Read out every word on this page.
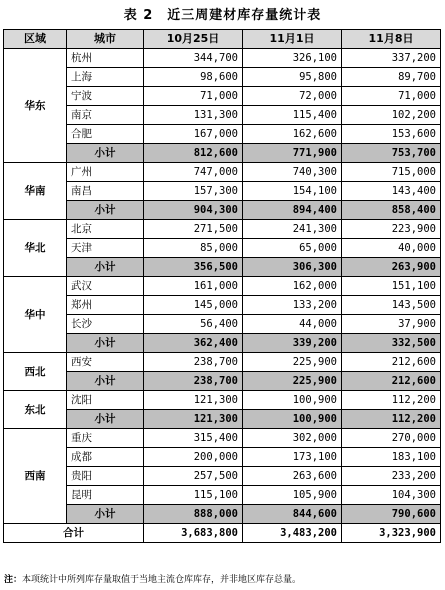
表 2　近三周建材库存量统计表
区域	城市	10月25日	11月1日	11月8日
华东	杭州	344,700	326,100	337,200
	上海	98,600	95,800	89,700
	宁波	71,000	72,000	71,000
	南京	131,300	115,400	102,200
	合肥	167,000	162,600	153,600
	小计	812,600	771,900	753,700
华南	广州	747,000	740,300	715,000
	南昌	157,300	154,100	143,400
	小计	904,300	894,400	858,400
华北	北京	271,500	241,300	223,900
	天津	85,000	65,000	40,000
	小计	356,500	306,300	263,900
华中	武汉	161,000	162,000	151,100
	郑州	145,000	133,200	143,500
	长沙	56,400	44,000	37,900
	小计	362,400	339,200	332,500
西北	西安	238,700	225,900	212,600
	小计	238,700	225,900	212,600
东北	沈阳	121,300	100,900	112,200
	小计	121,300	100,900	112,200
西南	重庆	315,400	302,000	270,000
	成都	200,000	173,100	183,100
	贵阳	257,500	263,600	233,200
	昆明	115,100	105,900	104,300
	小计	888,000	844,600	790,600
合计		3,683,800	3,483,200	3,323,900
注：本项统计中所列库存量取值于当地主流仓库库存，并非地区库存总量。
